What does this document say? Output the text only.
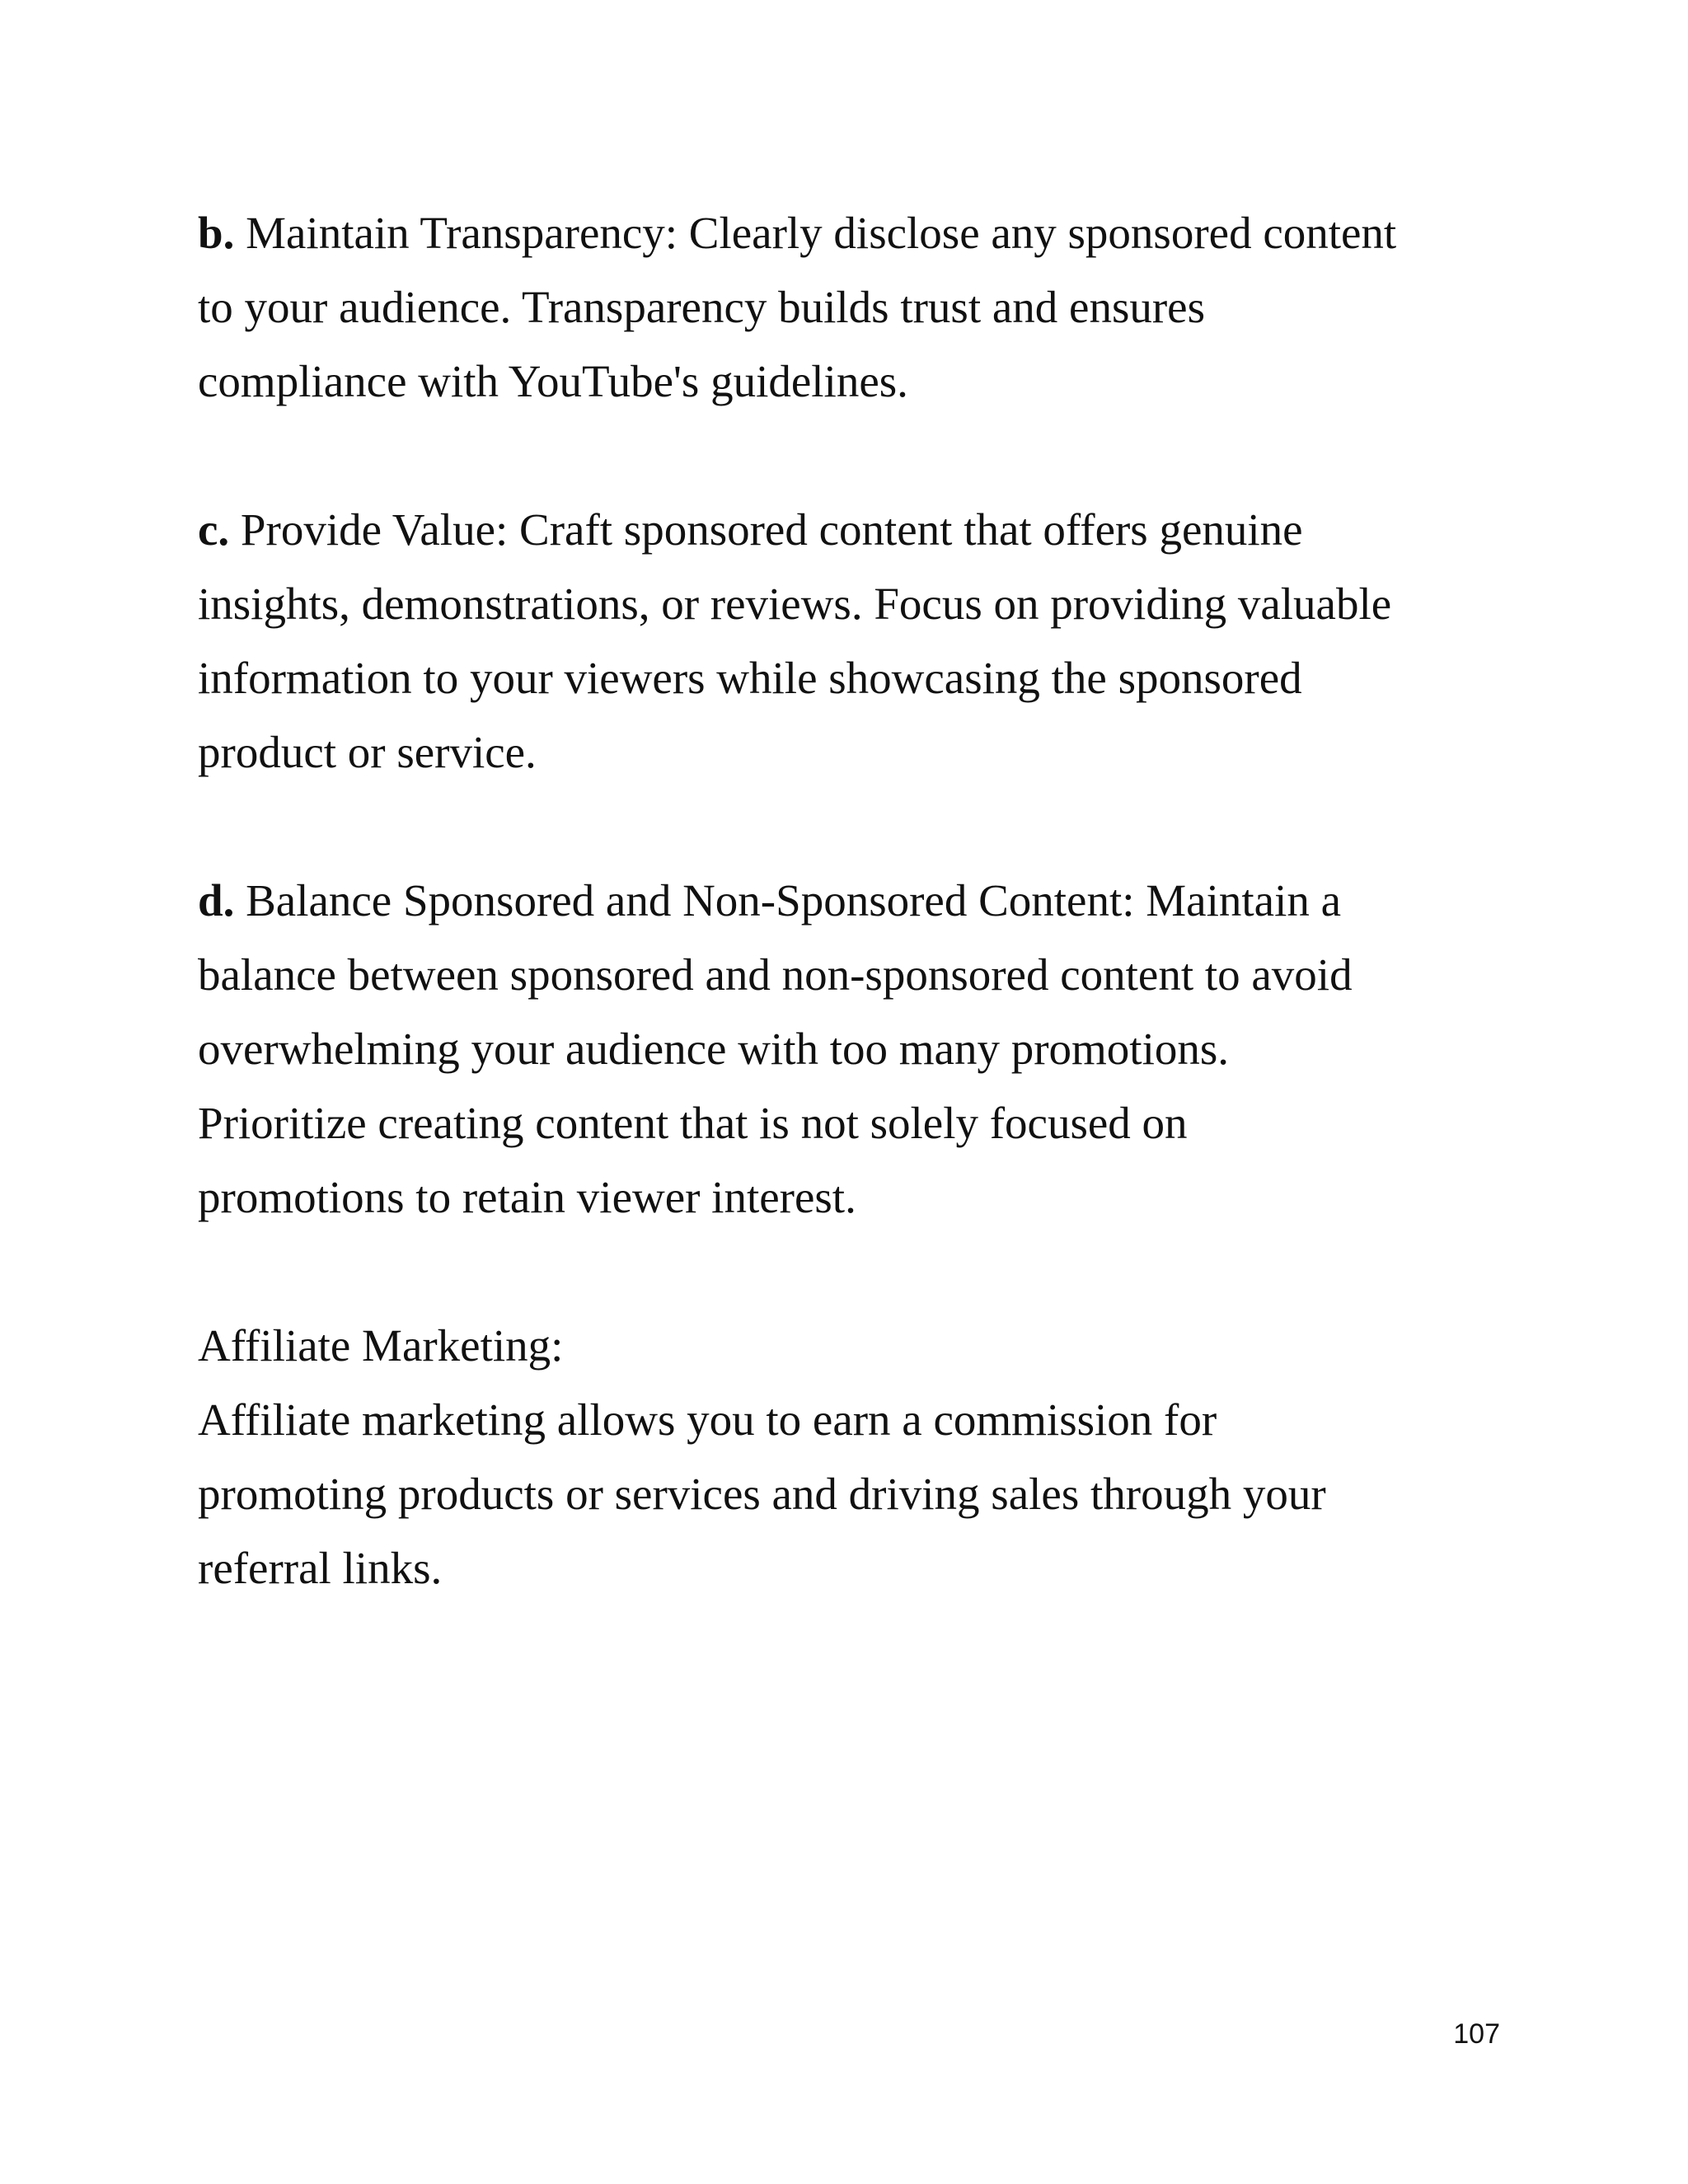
b. Maintain Transparency: Clearly disclose any sponsored content
to your audience. Transparency builds trust and ensures
compliance with YouTube's guidelines.

c. Provide Value: Craft sponsored content that offers genuine
insights, demonstrations, or reviews. Focus on providing valuable
information to your viewers while showcasing the sponsored
product or service.

d. Balance Sponsored and Non-Sponsored Content: Maintain a
balance between sponsored and non-sponsored content to avoid
overwhelming your audience with too many promotions.
Prioritize creating content that is not solely focused on
promotions to retain viewer interest.

Affiliate Marketing:
Affiliate marketing allows you to earn a commission for
promoting products or services and driving sales through your
referral links.
107
